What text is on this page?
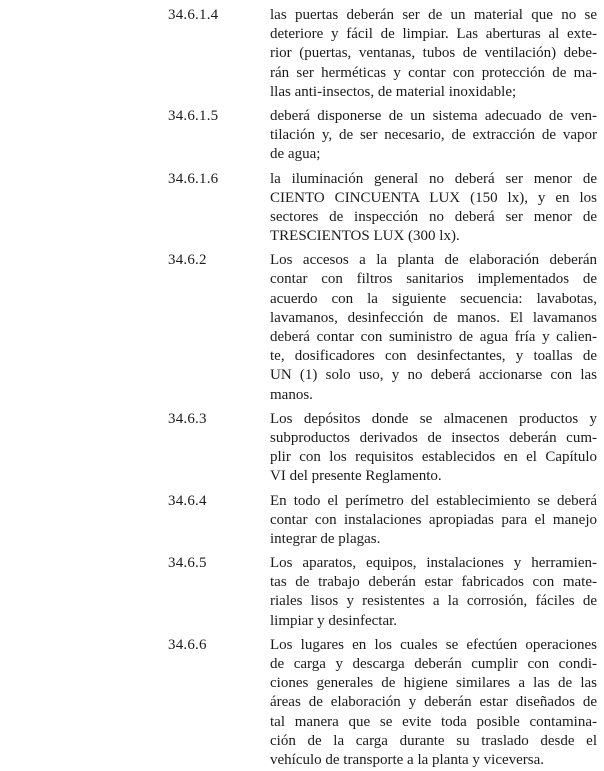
34.6.1.4	las puertas deberán ser de un material que no se
deteriore y fácil de limpiar. Las aberturas al exte-
rior (puertas, ventanas, tubos de ventilación) debe-
rán ser herméticas y contar con protección de ma-
llas anti-insectos, de material inoxidable;
34.6.1.5	deberá disponerse de un sistema adecuado de ven-
tilación y, de ser necesario, de extracción de vapor
de agua;
34.6.1.6	la iluminación general no deberá ser menor de
CIENTO CINCUENTA LUX (150 lx), y en los
sectores de inspección no deberá ser menor de
TRESCIENTOS LUX (300 lx).
34.6.2	Los accesos a la planta de elaboración deberán
contar con filtros sanitarios implementados de
acuerdo con la siguiente secuencia: lavabotas,
lavamanos, desinfección de manos. El lavamanos
deberá contar con suministro de agua fría y calien-
te, dosificadores con desinfectantes, y toallas de
UN (1) solo uso, y no deberá accionarse con las
manos.
34.6.3	Los depósitos donde se almacenen productos y
subproductos derivados de insectos deberán cum-
plir con los requisitos establecidos en el Capítulo
VI del presente Reglamento.
34.6.4	En todo el perímetro del establecimiento se deberá
contar con instalaciones apropiadas para el manejo
integrar de plagas.
34.6.5	Los aparatos, equipos, instalaciones y herramien-
tas de trabajo deberán estar fabricados con mate-
riales lisos y resistentes a la corrosión, fáciles de
limpiar y desinfectar.
34.6.6	Los lugares en los cuales se efectúen operaciones
de carga y descarga deberán cumplir con condi-
ciones generales de higiene similares a las de las
áreas de elaboración y deberán estar diseñados de
tal manera que se evite toda posible contamina-
ción de la carga durante su traslado desde el
vehículo de transporte a la planta y viceversa.
